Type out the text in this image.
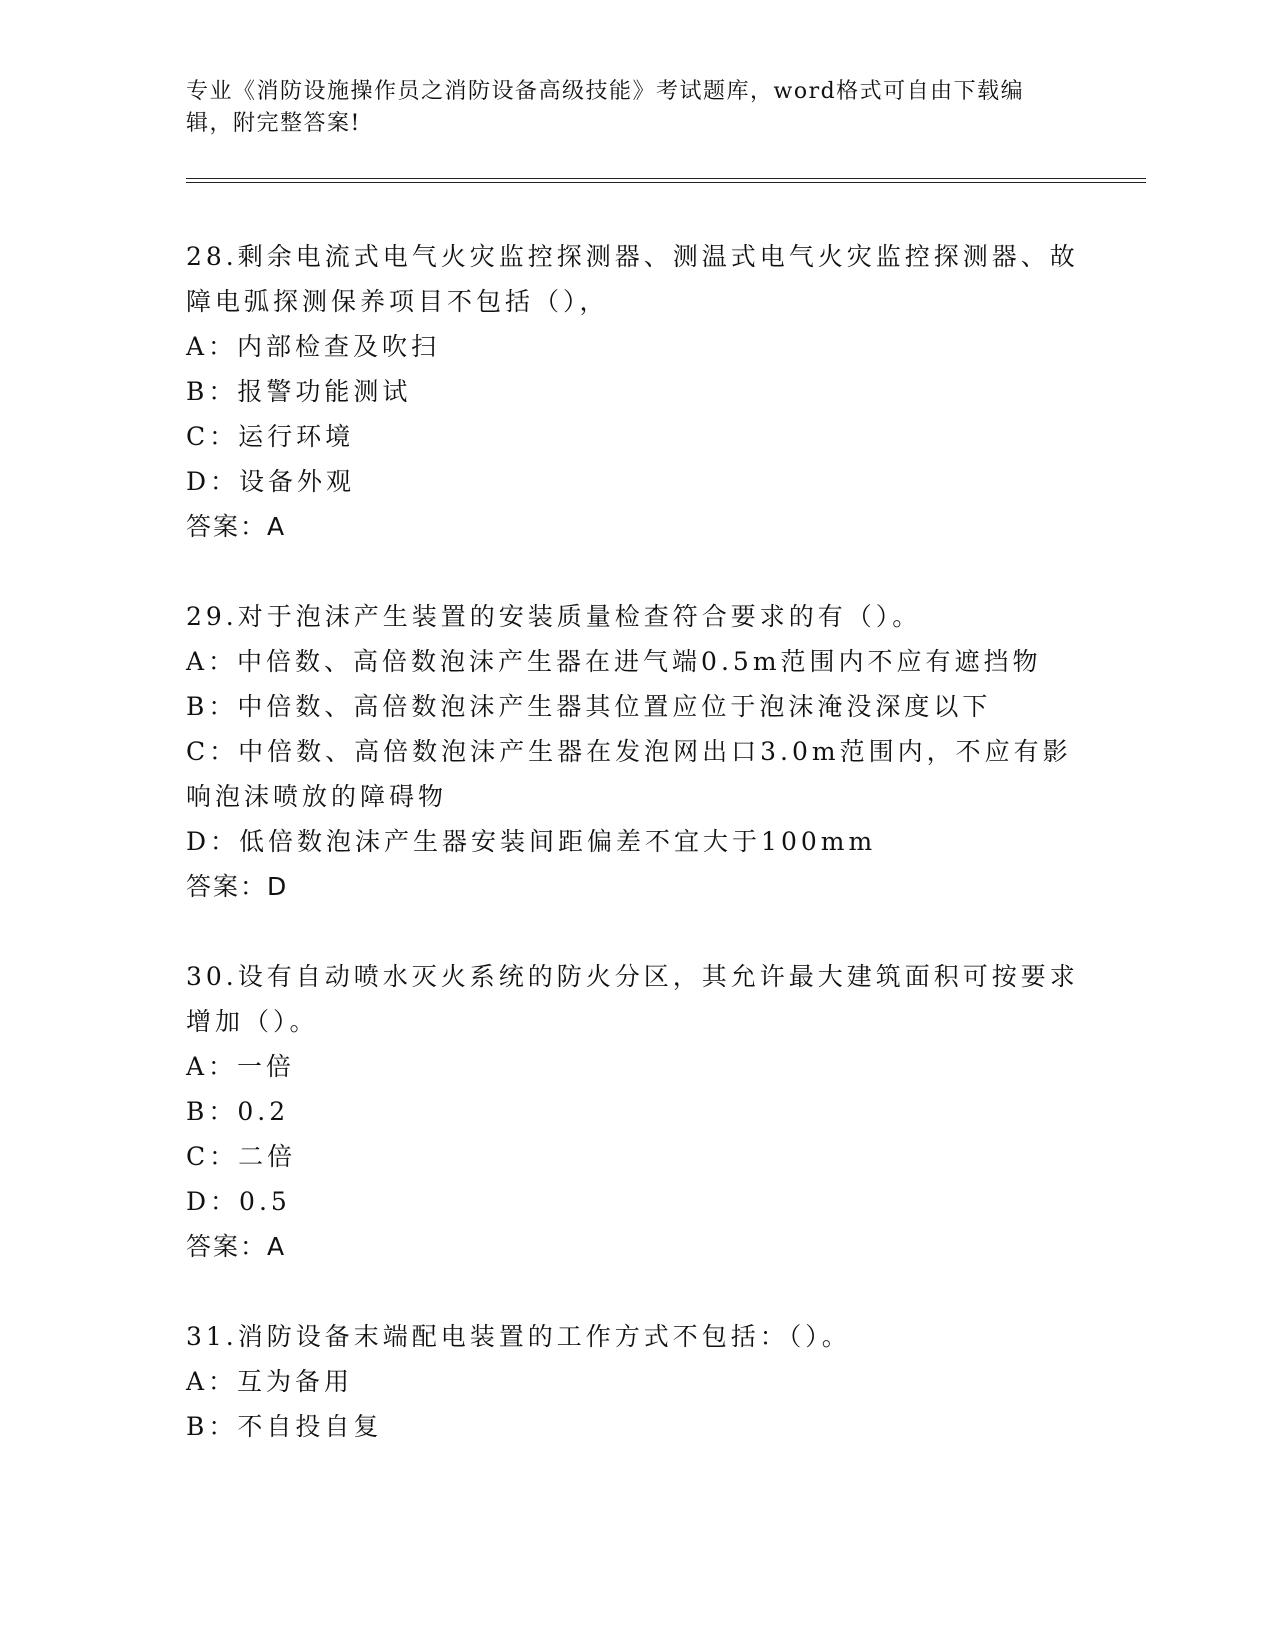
专业《消防设施操作员之消防设备高级技能》考试题库，word格式可自由下载编
辑，附完整答案!
28.剩余电流式电气火灾监控探测器、测温式电气火灾监控探测器、故
障电弧探测保养项目不包括（），
A：内部检查及吹扫
B：报警功能测试
C：运行环境
D：设备外观
答案：A
29.对于泡沫产生装置的安装质量检查符合要求的有（）。
A：中倍数、高倍数泡沫产生器在进气端0.5m范围内不应有遮挡物
B：中倍数、高倍数泡沫产生器其位置应位于泡沫淹没深度以下
C：中倍数、高倍数泡沫产生器在发泡网出口3.0m范围内，不应有影
响泡沫喷放的障碍物
D：低倍数泡沫产生器安装间距偏差不宜大于100mm
答案：D
30.设有自动喷水灭火系统的防火分区，其允许最大建筑面积可按要求
增加（）。
A：一倍
B：0.2
C：二倍
D：0.5
答案：A
31.消防设备末端配电装置的工作方式不包括：（）。
A：互为备用
B：不自投自复
